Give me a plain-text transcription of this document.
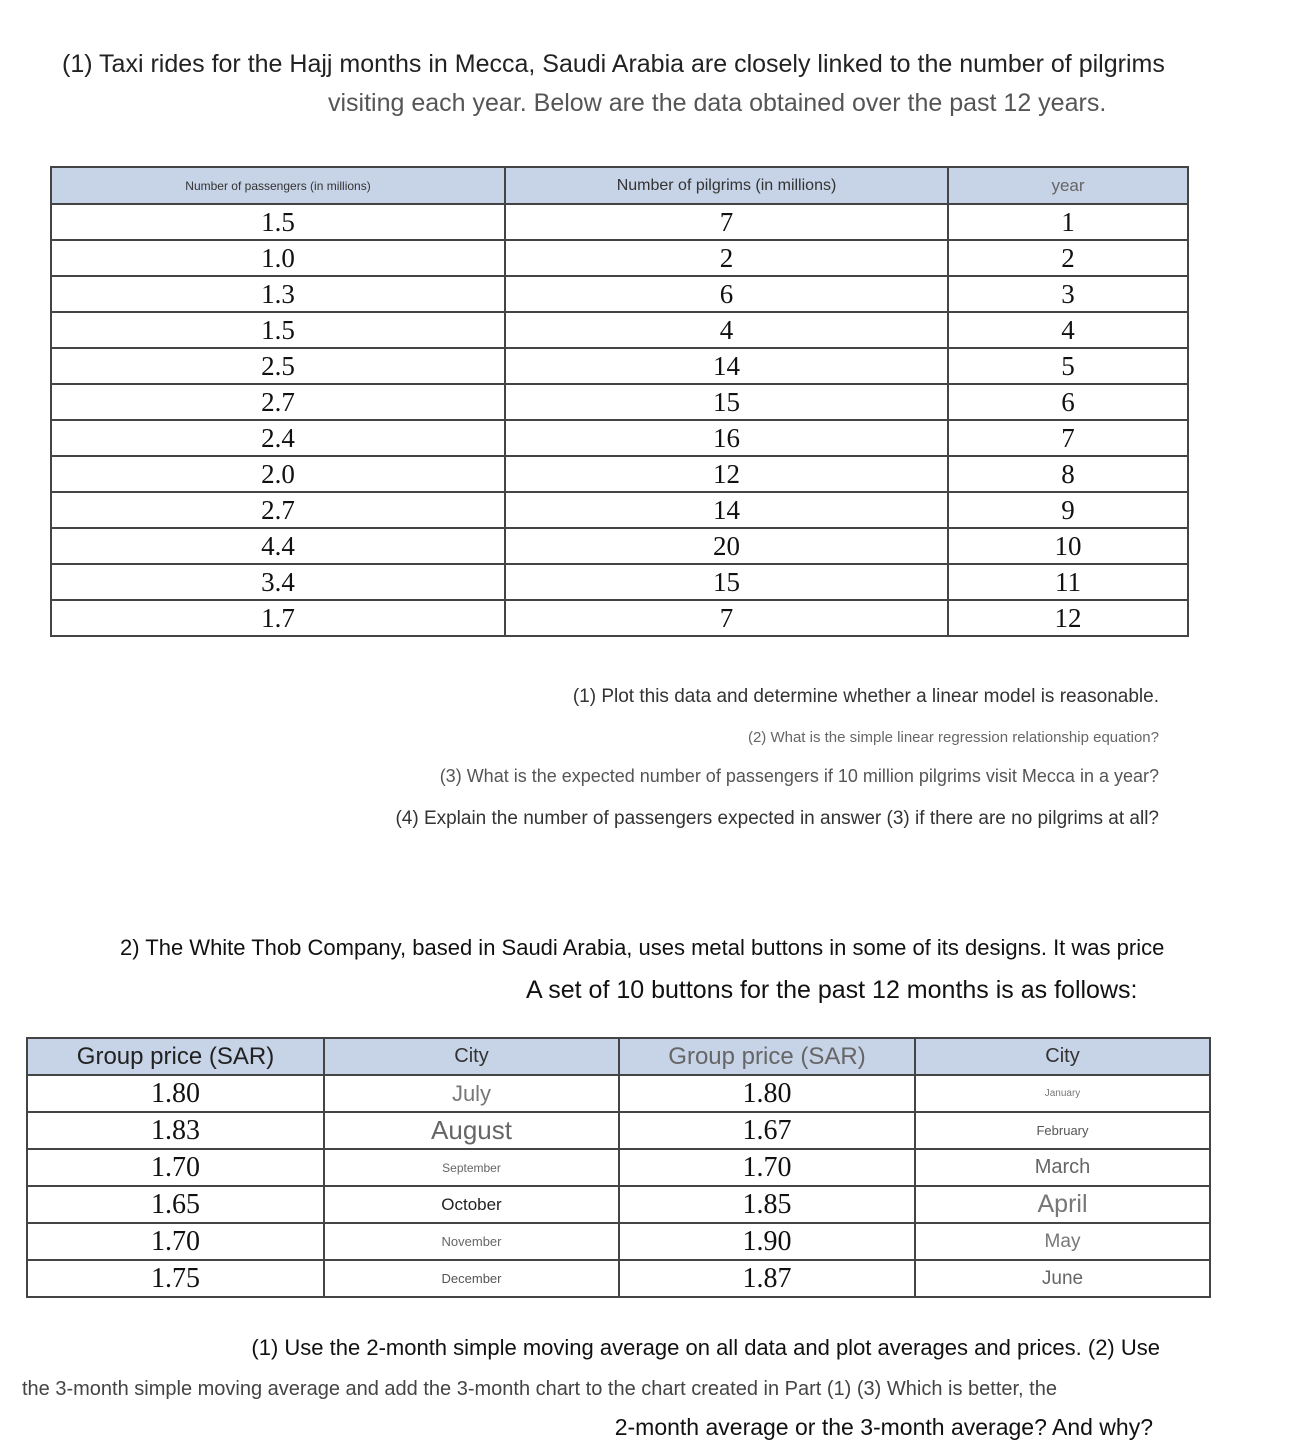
(1) Taxi rides for the Hajj months in Mecca, Saudi Arabia are closely linked to the number of pilgrims
visiting each year. Below are the data obtained over the past 12 years.
Number of passengers (in millions)	Number of pilgrims (in millions)	year
1.5	7	1
1.0	2	2
1.3	6	3
1.5	4	4
2.5	14	5
2.7	15	6
2.4	16	7
2.0	12	8
2.7	14	9
4.4	20	10
3.4	15	11
1.7	7	12
(1) Plot this data and determine whether a linear model is reasonable.
(2) What is the simple linear regression relationship equation?
(3) What is the expected number of passengers if 10 million pilgrims visit Mecca in a year?
(4) Explain the number of passengers expected in answer (3) if there are no pilgrims at all?
2) The White Thob Company, based in Saudi Arabia, uses metal buttons in some of its designs. It was price
A set of 10 buttons for the past 12 months is as follows:
Group price (SAR)	City	Group price (SAR)	City
1.80	July	1.80	January
1.83	August	1.67	February
1.70	September	1.70	March
1.65	October	1.85	April
1.70	November	1.90	May
1.75	December	1.87	June
(1) Use the 2-month simple moving average on all data and plot averages and prices. (2) Use
the 3-month simple moving average and add the 3-month chart to the chart created in Part (1) (3) Which is better, the
2-month average or the 3-month average? And why?
